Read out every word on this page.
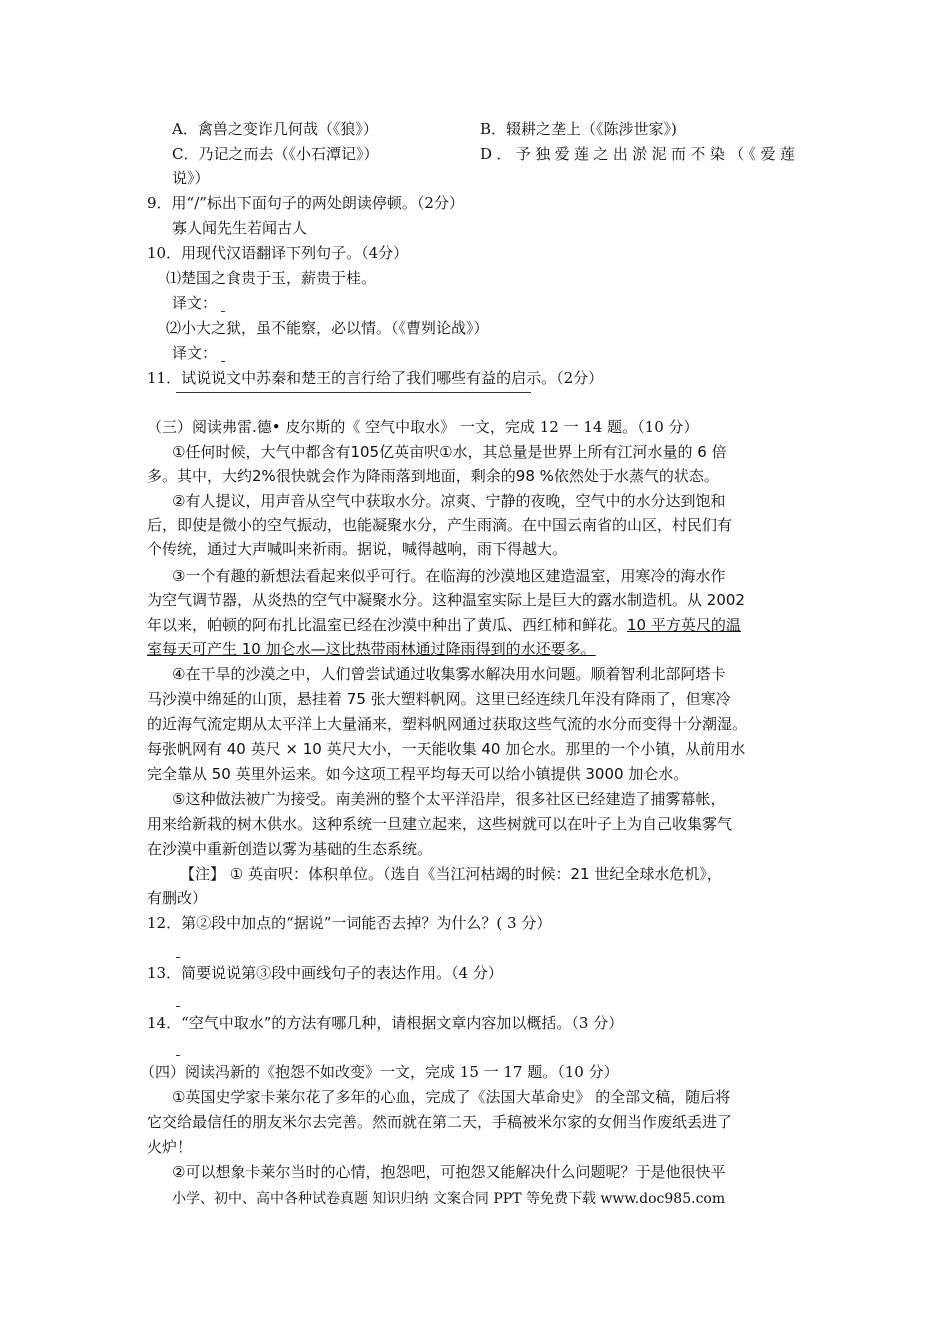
A．禽兽之变诈几何哉（《狼》）	B．辍耕之垄上（《陈涉世家》)
C．乃记之而去（《小石潭记》）	D．予独爱莲之出淤泥而不染（《爱莲
说》）
9．用“/”标出下面句子的两处朗读停顿。（2分）
寡人闻先生若闻古人
10．用现代汉语翻译下列句子。（4分）
⑴楚国之食贵于玉，薪贵于桂。
译文：
⑵小大之狱，虽不能察，必以情。（《曹刿论战》）
译文：
11．试说说文中苏秦和楚王的言行给了我们哪些有益的启示。（2分）
（三）阅读弗雷.德• 皮尔斯的《 空气中取水》 一文，完成 12 一 14 题。（10 分）
①任何时候，大气中都含有105亿英亩呎①水，其总量是世界上所有江河水量的 6 倍
多。其中，大约2%很快就会作为降雨落到地面，剩余的98 %依然处于水蒸气的状态。
②有人提议，用声音从空气中获取水分。凉爽、宁静的夜晚，空气中的水分达到饱和
后，即使是微小的空气振动，也能凝聚水分，产生雨滴。在中国云南省的山区，村民们有
个传统，通过大声喊叫来祈雨。据说，喊得越响，雨下得越大。
③一个有趣的新想法看起来似乎可行。在临海的沙漠地区建造温室，用寒冷的海水作
为空气调节器，从炎热的空气中凝聚水分。这种温室实际上是巨大的露水制造机。从 2002
年以来，帕顿的阿布扎比温室已经在沙漠中种出了黄瓜、西红柿和鲜花。10 平方英尺的温
室每天可产生 10 加仑水—这比热带雨林通过降雨得到的水还要多。
④在干旱的沙漠之中，人们曾尝试通过收集雾水解决用水问题。顺着智利北部阿塔卡
马沙漠中绵延的山顶，悬挂着 75 张大塑料帆网。这里已经连续几年没有降雨了，但寒冷
的近海气流定期从太平洋上大量涌来，塑料帆网通过获取这些气流的水分而变得十分潮湿。
每张帆网有 40 英尺 × 10 英尺大小，一天能收集 40 加仑水。那里的一个小镇，从前用水
完全靠从 50 英里外运来。如今这项工程平均每天可以给小镇提供 3000 加仑水。
⑤这种做法被广为接受。南美洲的整个太平洋沿岸，很多社区已经建造了捕雾幕帐，
用来给新栽的树木供水。这种系统一旦建立起来，这些树就可以在叶子上为自己收集雾气
在沙漠中重新创造以雾为基础的生态系统。
【注】 ① 英亩呎：体积单位。（选自《当江河枯竭的时候：21 世纪全球水危机》，
有删改）
12．第②段中加点的“据说”一词能否去掉？为什么？( 3 分）
13．简要说说第③段中画线句子的表达作用。（4 分）
14．“空气中取水”的方法有哪几种，请根据文章内容加以概括。（3 分）
（四）阅读冯新的《抱怨不如改变》一文，完成 15 一 17 题。（10 分）
①英国史学家卡莱尔花了多年的心血，完成了《法国大革命史》 的全部文稿，随后将
它交给最信任的朋友米尔去完善。然而就在第二天，手稿被米尔家的女佣当作废纸丢进了
火炉！
②可以想象卡莱尔当时的心情，抱怨吧，可抱怨又能解决什么问题呢？于是他很快平
小学、初中、高中各种试卷真题 知识归纳 文案合同 PPT 等免费下载 www.doc985.com
